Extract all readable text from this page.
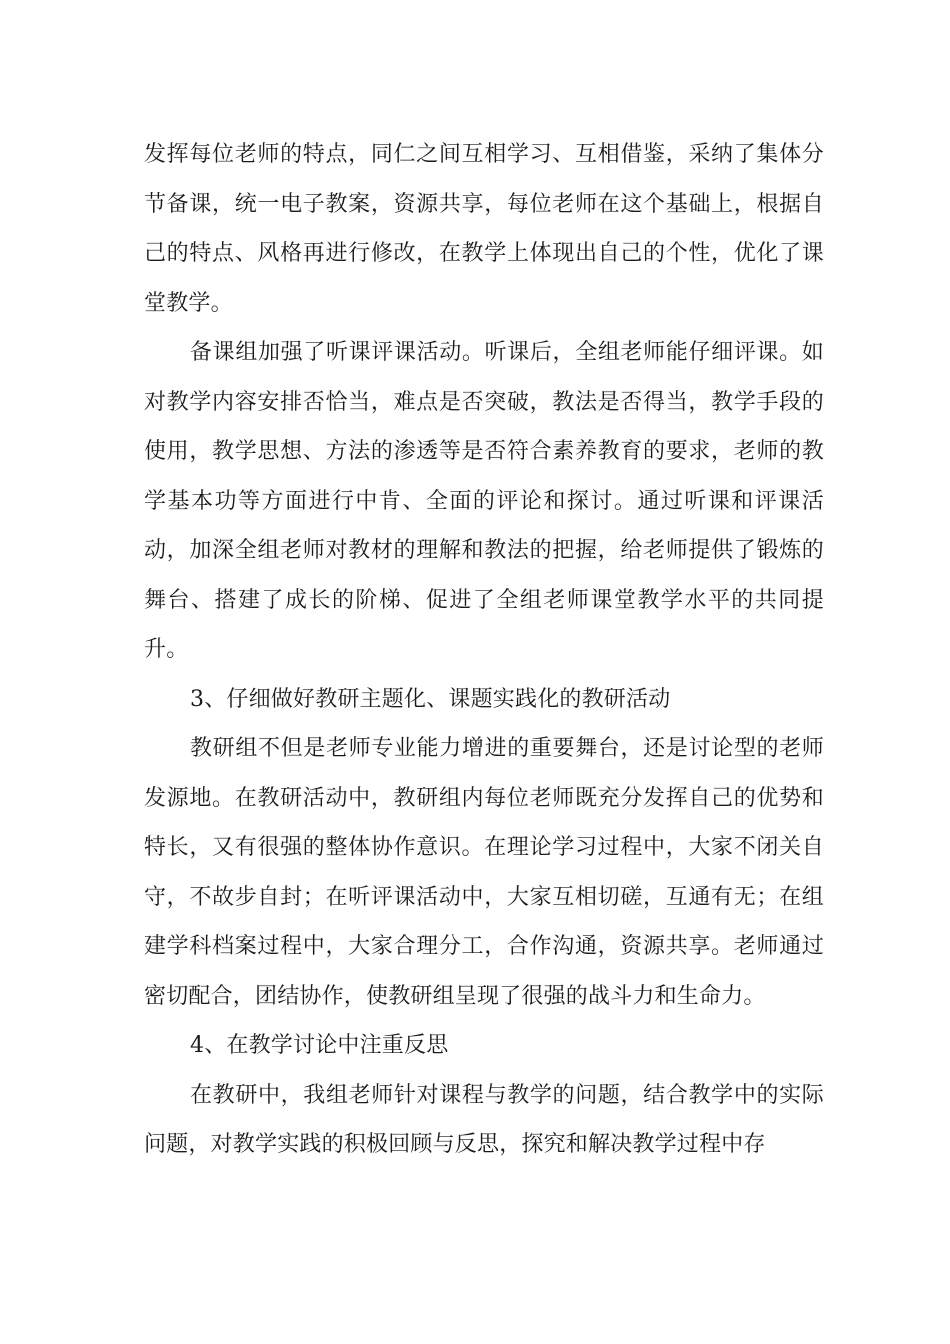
发挥每位老师的特点，同仁之间互相学习、互相借鉴，采纳了集体分节备课，统一电子教案，资源共享，每位老师在这个基础上，根据自己的特点、风格再进行修改，在教学上体现出自己的个性，优化了课堂教学。

备课组加强了听课评课活动。听课后，全组老师能仔细评课。如对教学内容安排否恰当，难点是否突破，教法是否得当，教学手段的使用，教学思想、方法的渗透等是否符合素养教育的要求，老师的教学基本功等方面进行中肯、全面的评论和探讨。通过听课和评课活动，加深全组老师对教材的理解和教法的把握，给老师提供了锻炼的舞台、搭建了成长的阶梯、促进了全组老师课堂教学水平的共同提升。

3、仔细做好教研主题化、课题实践化的教研活动

教研组不但是老师专业能力增进的重要舞台，还是讨论型的老师发源地。在教研活动中，教研组内每位老师既充分发挥自己的优势和特长，又有很强的整体协作意识。在理论学习过程中，大家不闭关自守，不故步自封；在听评课活动中，大家互相切磋，互通有无；在组建学科档案过程中，大家合理分工，合作沟通，资源共享。老师通过密切配合，团结协作，使教研组呈现了很强的战斗力和生命力。

4、在教学讨论中注重反思

在教研中，我组老师针对课程与教学的问题，结合教学中的实际问题，对教学实践的积极回顾与反思，探究和解决教学过程中存
